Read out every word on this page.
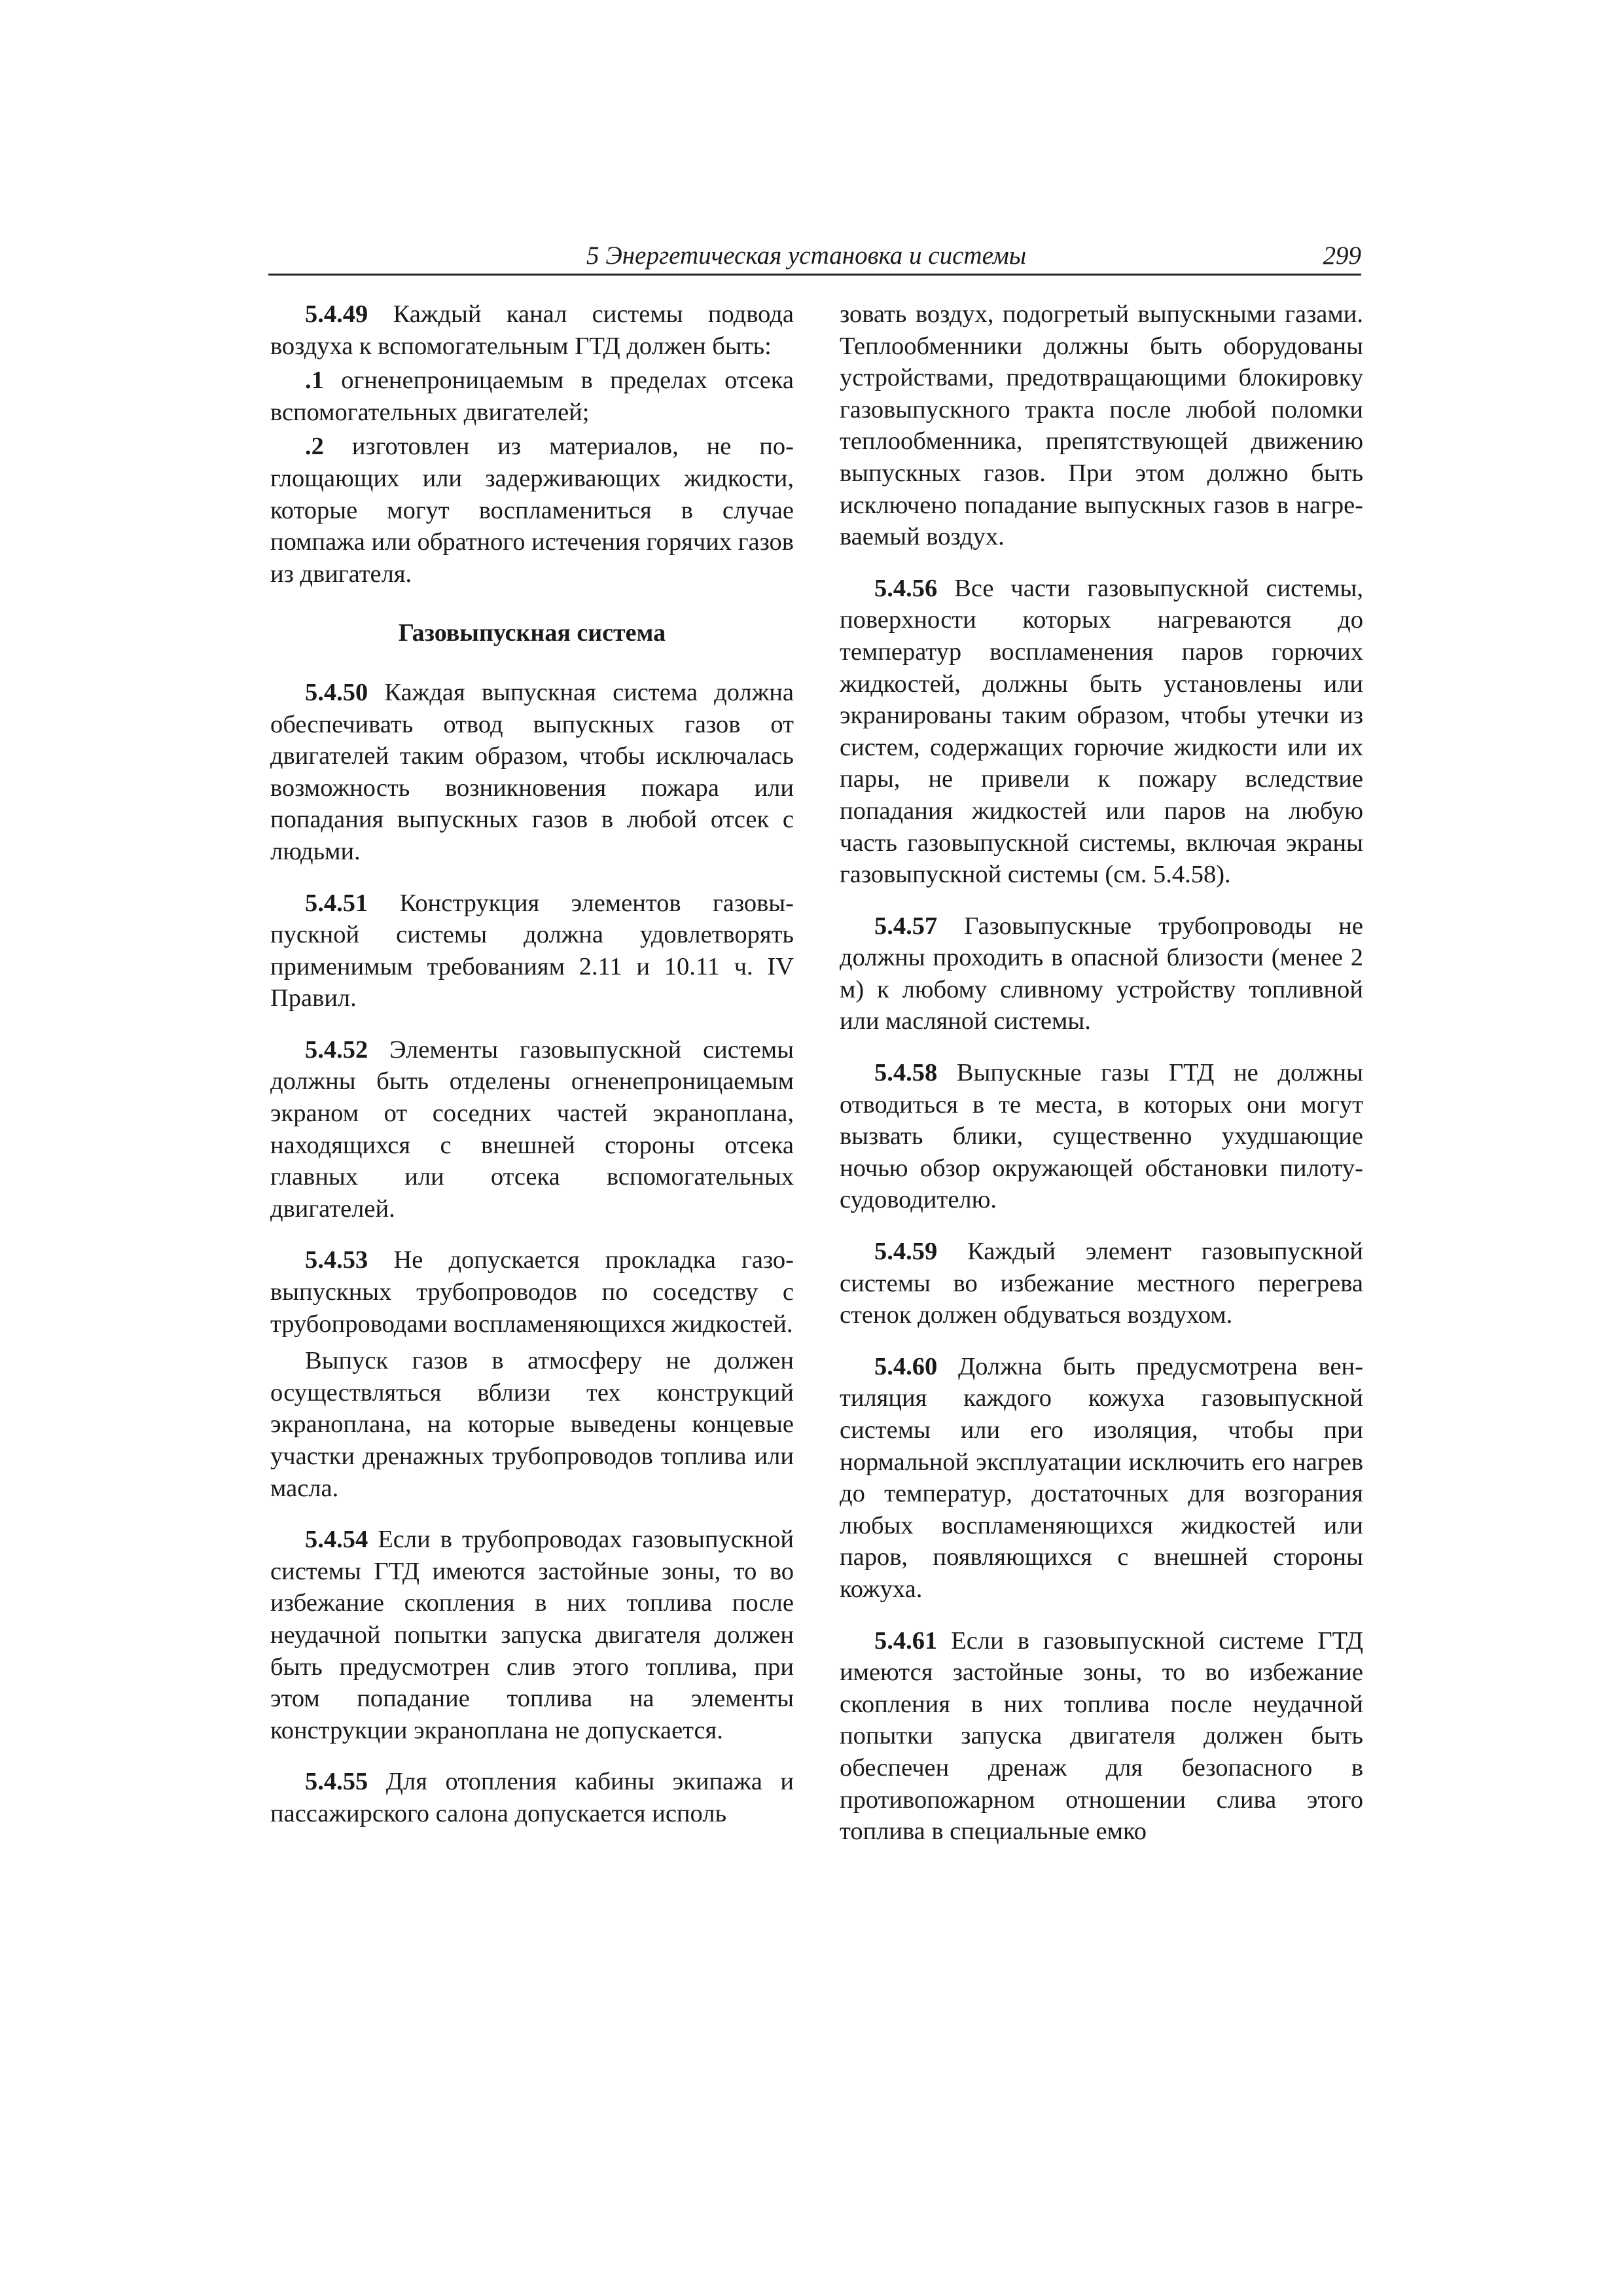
5 Энергетическая установка и системы	299

5.4.49 Каждый канал системы подвода воздуха к вспомогательным ГТД должен быть:

.1 огненепроницаемым в пределах отсека вспомогательных двигателей;

.2 изготовлен из материалов, не поглощающих или задерживающих жидкости, которые могут воспламениться в случае помпажа или обратного истечения горячих газов из двигателя.

Газовыпускная система

5.4.50 Каждая выпускная система должна обеспечивать отвод выпускных газов от двигателей таким образом, чтобы исключалась возможность возникновения пожара или попадания выпускных газов в любой отсек с людьми.

5.4.51 Конструкция элементов газовыпускной системы должна удовлетворять применимым требованиям 2.11 и 10.11 ч. IV Правил.

5.4.52 Элементы газовыпускной системы должны быть отделены огненепроницаемым экраном от соседних частей экраноплана, находящихся с внешней стороны отсека главных или отсека вспомогательных двигателей.

5.4.53 Не допускается прокладка газовыпускных трубопроводов по соседству с трубопроводами воспламеняющихся жидкостей.

Выпуск газов в атмосферу не должен осуществляться вблизи тех конструкций экраноплана, на которые выведены концевые участки дренажных трубопроводов топлива или масла.

5.4.54 Если в трубопроводах газовыпускной системы ГТД имеются застойные зоны, то во избежание скопления в них топлива после неудачной попытки запуска двигателя должен быть предусмотрен слив этого топлива, при этом попадание топлива на элементы конструкции экраноплана не допускается.

5.4.55 Для отопления кабины экипажа и пассажирского салона допускается исполь

зовать воздух, подогретый выпускными газами. Теплообменники должны быть оборудованы устройствами, предотвращающими блокировку газовыпускного тракта после любой поломки теплообменника, препятствующей движению выпускных газов. При этом должно быть исключено попадание выпускных газов в нагреваемый воздух.

5.4.56 Все части газовыпускной системы, поверхности которых нагреваются до температур воспламенения паров горючих жидкостей, должны быть установлены или экранированы таким образом, чтобы утечки из систем, содержащих горючие жидкости или их пары, не привели к пожару вследствие попадания жидкостей или паров на любую часть газовыпускной системы, включая экраны газовыпускной системы (см. 5.4.58).

5.4.57 Газовыпускные трубопроводы не должны проходить в опасной близости (менее 2 м) к любому сливному устройству топливной или масляной системы.

5.4.58 Выпускные газы ГТД не должны отводиться в те места, в которых они могут вызвать блики, существенно ухудшающие ночью обзор окружающей обстановки пилоту-судоводителю.

5.4.59 Каждый элемент газовыпускной системы во избежание местного перегрева стенок должен обдуваться воздухом.

5.4.60 Должна быть предусмотрена вентиляция каждого кожуха газовыпускной системы или его изоляция, чтобы при нормальной эксплуатации исключить его нагрев до температур, достаточных для возгорания любых воспламеняющихся жидкостей или паров, появляющихся с внешней стороны кожуха.

5.4.61 Если в газовыпускной системе ГТД имеются застойные зоны, то во избежание скопления в них топлива после неудачной попытки запуска двигателя должен быть обеспечен дренаж для безопасного в противопожарном отношении слива этого топлива в специальные емко
